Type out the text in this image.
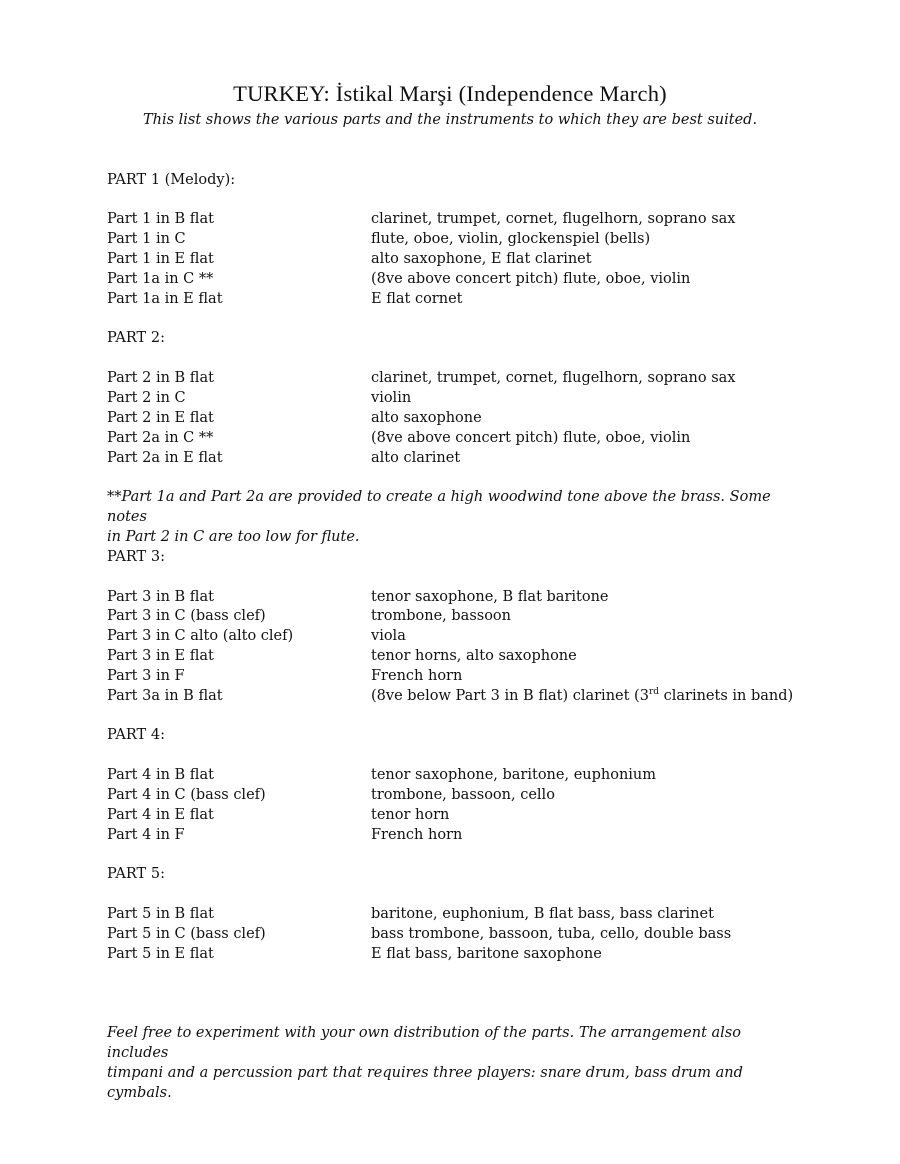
TURKEY: İstikal Marşi (Independence March)
This list shows the various parts and the instruments to which they are best suited.
PART 1 (Melody):
Part 1 in B flat	clarinet, trumpet, cornet, flugelhorn, soprano sax
Part 1 in C	flute, oboe, violin, glockenspiel (bells)
Part 1 in E flat	alto saxophone, E flat clarinet
Part 1a in C **	(8ve above concert pitch) flute, oboe, violin
Part 1a in E flat	E flat cornet
PART 2:
Part 2 in B flat	clarinet, trumpet, cornet, flugelhorn, soprano sax
Part 2 in C	violin
Part 2 in E flat	alto saxophone
Part 2a in C **	(8ve above concert pitch) flute, oboe, violin
Part 2a in E flat	alto clarinet
**Part 1a and Part 2a are provided to create a high woodwind tone above the brass. Some notes
in Part 2 in C are too low for flute.
PART 3:
Part 3 in B flat	tenor saxophone, B flat baritone
Part 3 in C (bass clef)	trombone, bassoon
Part 3 in C alto (alto clef)	viola
Part 3 in E flat	tenor horns, alto saxophone
Part 3 in F	French horn
Part 3a in B flat	(8ve below Part 3 in B flat) clarinet (3rd clarinets in band)
PART 4:
Part 4 in B flat	tenor saxophone, baritone, euphonium
Part 4 in C (bass clef)	trombone, bassoon, cello
Part 4 in E flat	tenor horn
Part 4 in F	French horn
PART 5:
Part 5 in B flat	baritone, euphonium, B flat bass, bass clarinet
Part 5 in C (bass clef)	bass trombone, bassoon, tuba, cello, double bass
Part 5 in E flat	E flat bass, baritone saxophone
Feel free to experiment with your own distribution of the parts. The arrangement also includes
timpani and a percussion part that requires three players: snare drum, bass drum and cymbals.
